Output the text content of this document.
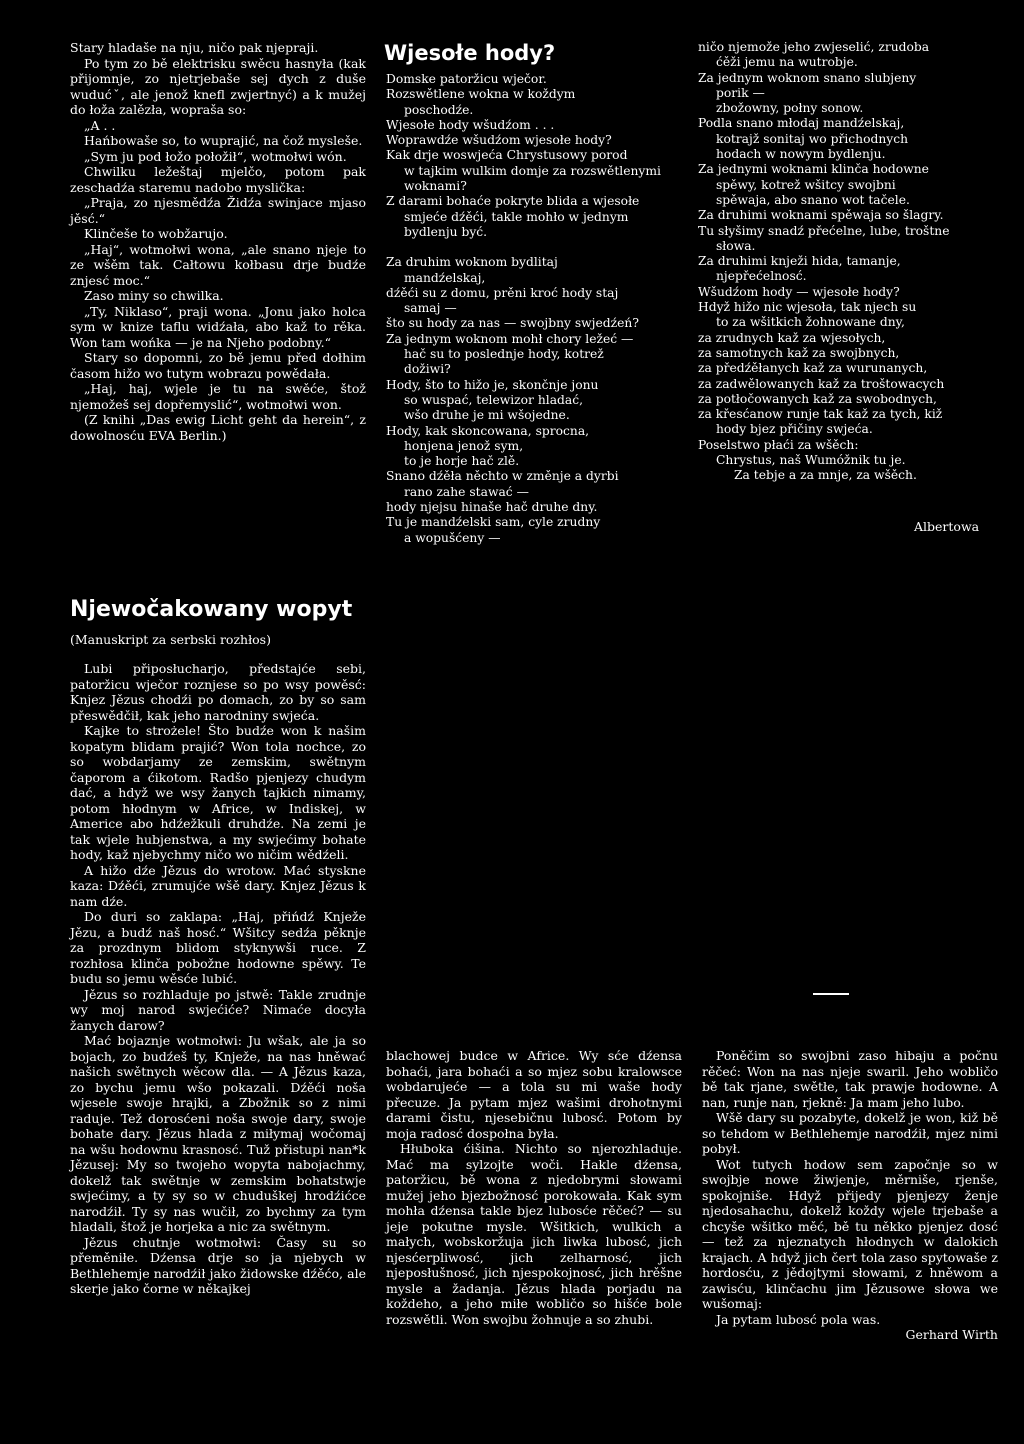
Stary hladaše na nju, ničo pak njepraji.

Po tym zo bě elektrisku swěcu hasnyła (kak přijomnje, zo njetrjebaše sej dych z duše wudućˇ, ale jenož knefl zwjertnyć) a k mužej do łoža zalězła, wopraša so:

„A . .

Hańbowaše so, to wuprajić, na čož mysleše.

„Sym ju pod łožo połožił“, wotmołwi wón.

Chwilku ležeštaj mjelčo, potom pak zeschadźa staremu nadobo myslička:

„Praja, zo njesmědźa Židźa swinjace mjaso jěsć.“

Klinčeše to wobžarujo.

„Haj“, wotmołwi wona, „ale snano njeje to ze wšěm tak. Całtowu kołbasu drje budźe znjesć moc.“

Zaso miny so chwilka.

„Ty, Niklaso“, praji wona. „Jonu jako holca sym w knize taflu widźała, abo kaž to rěka. Won tam wońka — je na Njeho podobny.“

Stary so dopomni, zo bě jemu před dołhim časom hižo wo tutym wobrazu powědała.

„Haj, haj, wjele je tu na swěće, štož njemožeš sej dopřemyslić“, wotmołwi won.

(Z knihi „Das ewig Licht geht da herein“, z dowolnosću EVA Berlin.)

Wjesołe hody?

Domske patoržicu wječor.

Rozswětlene wokna w koždym

poschodźe.

Wjesołe hody wšudźom . . .

Woprawdźe wšudźom wjesołe hody?

Kak drje woswjeća Chrystusowy porod

w tajkim wulkim domje za rozswětlenymi woknami?

Z darami bohaće pokryte blida a wjesołe

smjeće dźěći, takle mohło w jednym

bydlenju być.

Za druhim woknom bydlitaj

mandźelskaj,

dźěći su z domu, prěni kroć hody staj

samaj —

što su hody za nas — swojbny swjedźeń?

Za jednym woknom mohł chory ležeć —

hač su to poslednje hody, kotrež

dožiwi?

Hody, što to hižo je, skončnje jonu

so wuspać, telewizor hladać,

wšo druhe je mi wšojedne.

Hody, kak skoncowana, sprocna,

honjena jenož sym,

to je horje hač zlě.

Snano dźěła něchto w změnje a dyrbi

rano zahe stawać —

hody njejsu hinaše hač druhe dny.

Tu je mandźelski sam, cyle zrudny

a wopušćeny —

ničo njemože jeho zwjeselić, zrudoba

ćěži jemu na wutrobje.

Za jednym woknom snano slubjeny

porik —

zbožowny, połny sonow.

Podla snano młodaj mandźelskaj,

kotrajž sonitaj wo přichodnych

hodach w nowym bydlenju.

Za jednymi woknami klinča hodowne

spěwy, kotrež wšitcy swojbni

spěwaja, abo snano wot tačele.

Za druhimi woknami spěwaja so šlagry.

Tu słyšimy snadź přećelne, lube, troštne

słowa.

Za druhimi knježi hida, tamanje,

njepřećelnosć.

Wšudźom hody — wjesołe hody?

Hdyž hižo nic wjesoła, tak njech su

to za wšitkich žohnowane dny,

za zrudnych kaž za wjesołych,

za samotnych kaž za swojbnych,

za předźěłanych kaž za wurunanych,

za zadwělowanych kaž za troštowacych

za potłočowanych kaž za swobodnych,

za křesćanow runje tak kaž za tych, kiž

hody bjez přičiny swjeća.

Poselstwo płaći za wšěch:

Chrystus, naš Wumóžnik tu je.

Za tebje a za mnje, za wšěch.

Albertowa
Njewočakowany wopyt
(Manuskript za serbski rozhłos)

Lubi připosłucharjo, předstajće sebi, patoržicu wječor roznjese so po wsy powěsć: Knjez Jězus chodźi po domach, zo by so sam přeswědčił, kak jeho narodniny swjeća.

Kajke to strożele! Što budźe won k našim kopatym blidam prajić? Won tola nochce, zo so wobdarjamy ze zemskim, swětnym čaporom a ćikotom. Radšo pjenjezy chudym dać, a hdyž we wsy žanych tajkich nimamy, potom hłodnym w Africe, w Indiskej, w Americe abo hdźežkuli druhdźe. Na zemi je tak wjele hubjenstwa, a my swjećimy bohate hody, kaž njebychmy ničo wo ničim wědźeli.

A hižo dźe Jězus do wrotow. Mać styskne kaza: Dźěći, zrumujće wšě dary. Knjez Jězus k nam dźe.

Do duri so zaklapa: „Haj, přińdź Knježe Jězu, a budź naš hosć.“ Wšitcy sedźa pěknje za prozdnym blidom styknywši ruce. Z rozhłosa klinča pobožne hodowne spěwy. Te budu so jemu wěsće lubić.

Jězus so rozhladuje po jstwě: Takle zrudnje wy moj narod swjećiće? Nimaće docyła žanych darow?

Mać bojaznje wotmołwi: Ju wšak, ale ja so bojach, zo budźeš ty, Knježe, na nas hněwać našich swětnych wěcow dla. — A Jězus kaza, zo bychu jemu wšo pokazali. Dźěći noša wjesele swoje hrajki, a Zbožnik so z nimi raduje. Tež dorosćeni noša swoje dary, swoje bohate dary. Jězus hlada z miłymaj wočomaj na wšu hodownu krasnosć. Tuž přistupi nan*k Jězusej: My so twojeho wopyta nabojachmy, dokelž tak swětnje w zemskim bohatstwje swjećimy, a ty sy so w chuduškej hrodźićce narodźił. Ty sy nas wučił, zo bychmy za tym hladali, štož je horjeka a nic za swětnym.

Jězus chutnje wotmołwi: Časy su so přeměniłe. Dźensa drje so ja njebych w Bethlehemje narodźił jako židowske dźěćo, ale skerje jako čorne w někajkej

blachowej budce w Africe. Wy sće dźensa bohaći, jara bohaći a so mjez sobu kralowsce wobdarujeće — a tola su mi waše hody přecuze. Ja pytam mjez wašimi drohotnymi darami čistu, njesebičnu lubosć. Potom by moja radosć dospołna była.

Hłuboka ćišina. Nichto so njerozhladuje. Mać ma sylzojte woči. Hakle dźensa, patoržicu, bě wona z njedobrymi słowami mužej jeho bjezbožnosć porokowała. Kak sym mohła dźensa takle bjez lubosće rěčeć? — su jeje pokutne mysle. Wšitkich, wulkich a małych, wobskoržuja jich liwka lubosć, jich njesćerpliwosć, jich zelharnosć, jich njeposłušnosć, jich njespokojnosć, jich hrěšne mysle a žadanja. Jězus hlada porjadu na koždeho, a jeho miłe wobličo so hišće bole rozswětli. Won swojbu žohnuje a so zhubi.

Poněčim so swojbni zaso hibaju a počnu rěčeć: Won na nas njeje swaril. Jeho wobličo bě tak rjane, swětłe, tak prawje hodowne. A nan, runje nan, rjekně: Ja mam jeho lubo.

Wšě dary su pozabyte, dokelž je won, kiž bě so tehdom w Bethlehemje narodźił, mjez nimi pobył.

Wot tutych hodow sem započnje so w swojbje nowe žiwjenje, měrniše, rjenše, spokojniše. Hdyž přijedy pjenjezy ženje njedosahachu, dokelž koždy wjele trjebaše a chcyše wšitko měć, bě tu někko pjenjez dosć — tež za njeznatych hłodnych w dalokich krajach. A hdyž jich čert tola zaso spytowaše z hordosću, z jědojtymi słowami, z hněwom a zawisću, klinčachu jim Jězusowe słowa we wušomaj:

Ja pytam lubosć pola was.

Gerhard Wirth
